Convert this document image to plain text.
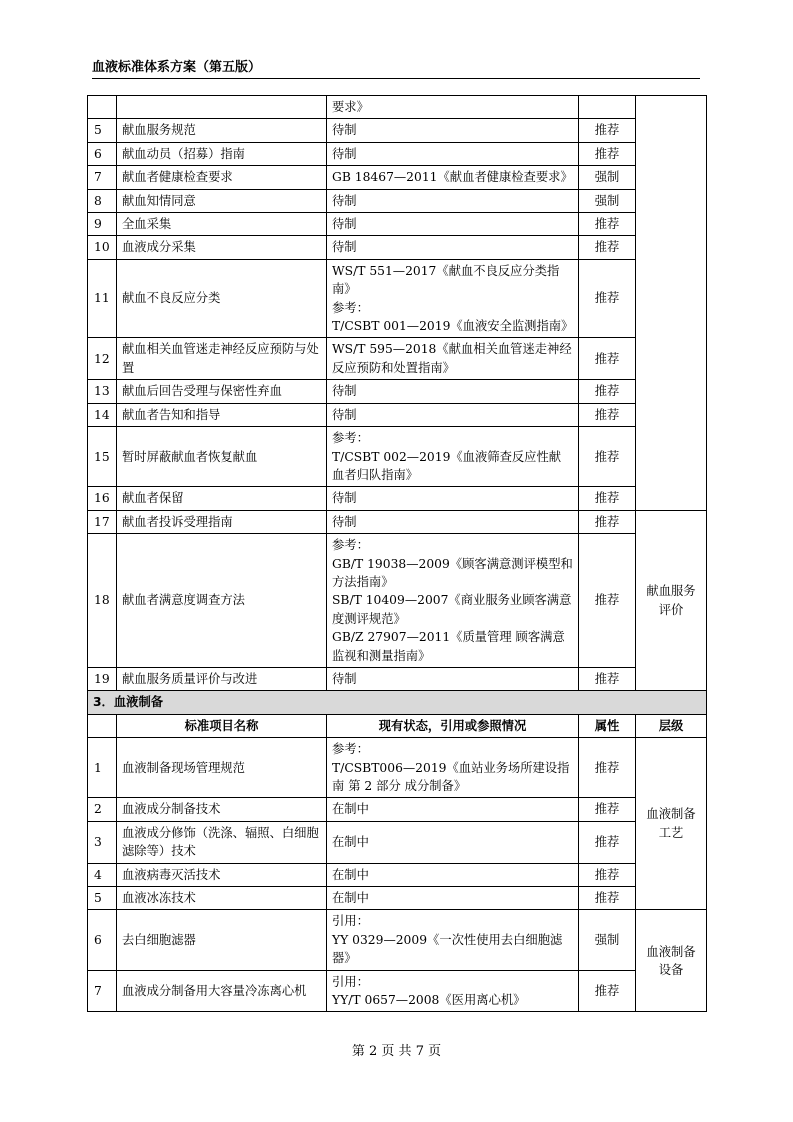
血液标准体系方案（第五版）
		要求》		
5	献血服务规范	待制	推荐	
6	献血动员（招募）指南	待制	推荐	
7	献血者健康检查要求	GB 18467—2011《献血者健康检查要求》	强制	
8	献血知情同意	待制	强制	
9	全血采集	待制	推荐	
10	血液成分采集	待制	推荐	
11	献血不良反应分类	WS/T 551—2017《献血不良反应分类指南》
参考：
T/CSBT 001—2019《血液安全监测指南》	推荐	
12	献血相关血管迷走神经反应预防与处置	WS/T 595—2018《献血相关血管迷走神经反应预防和处置指南》	推荐	
13	献血后回告受理与保密性弃血	待制	推荐	
14	献血者告知和指导	待制	推荐	
15	暂时屏蔽献血者恢复献血	参考：
T/CSBT 002—2019《血液筛查反应性献血者归队指南》	推荐	
16	献血者保留	待制	推荐	
17	献血者投诉受理指南	待制	推荐	献血服务
评价
18	献血者满意度调查方法	参考：
GB/T 19038—2009《顾客满意测评模型和方法指南》
SB/T 10409—2007《商业服务业顾客满意度测评规范》
GB/Z 27907—2011《质量管理 顾客满意监视和测量指南》	推荐	
19	献血服务质量评价与改进	待制	推荐	
3．血液制备				
	标准项目名称	现有状态，引用或参照情况	属性	层级
1	血液制备现场管理规范	参考：
T/CSBT006—2019《血站业务场所建设指南 第 2 部分 成分制备》	推荐	血液制备
工艺
2	血液成分制备技术	在制中	推荐	
3	血液成分修饰（洗涤、辐照、白细胞滤除等）技术	在制中	推荐	
4	血液病毒灭活技术	在制中	推荐	
5	血液冰冻技术	在制中	推荐	
6	去白细胞滤器	引用：
YY 0329—2009《一次性使用去白细胞滤器》	强制	血液制备
设备
7	血液成分制备用大容量冷冻离心机	引用：
YY/T 0657—2008《医用离心机》	推荐	
第 2 页 共 7 页
